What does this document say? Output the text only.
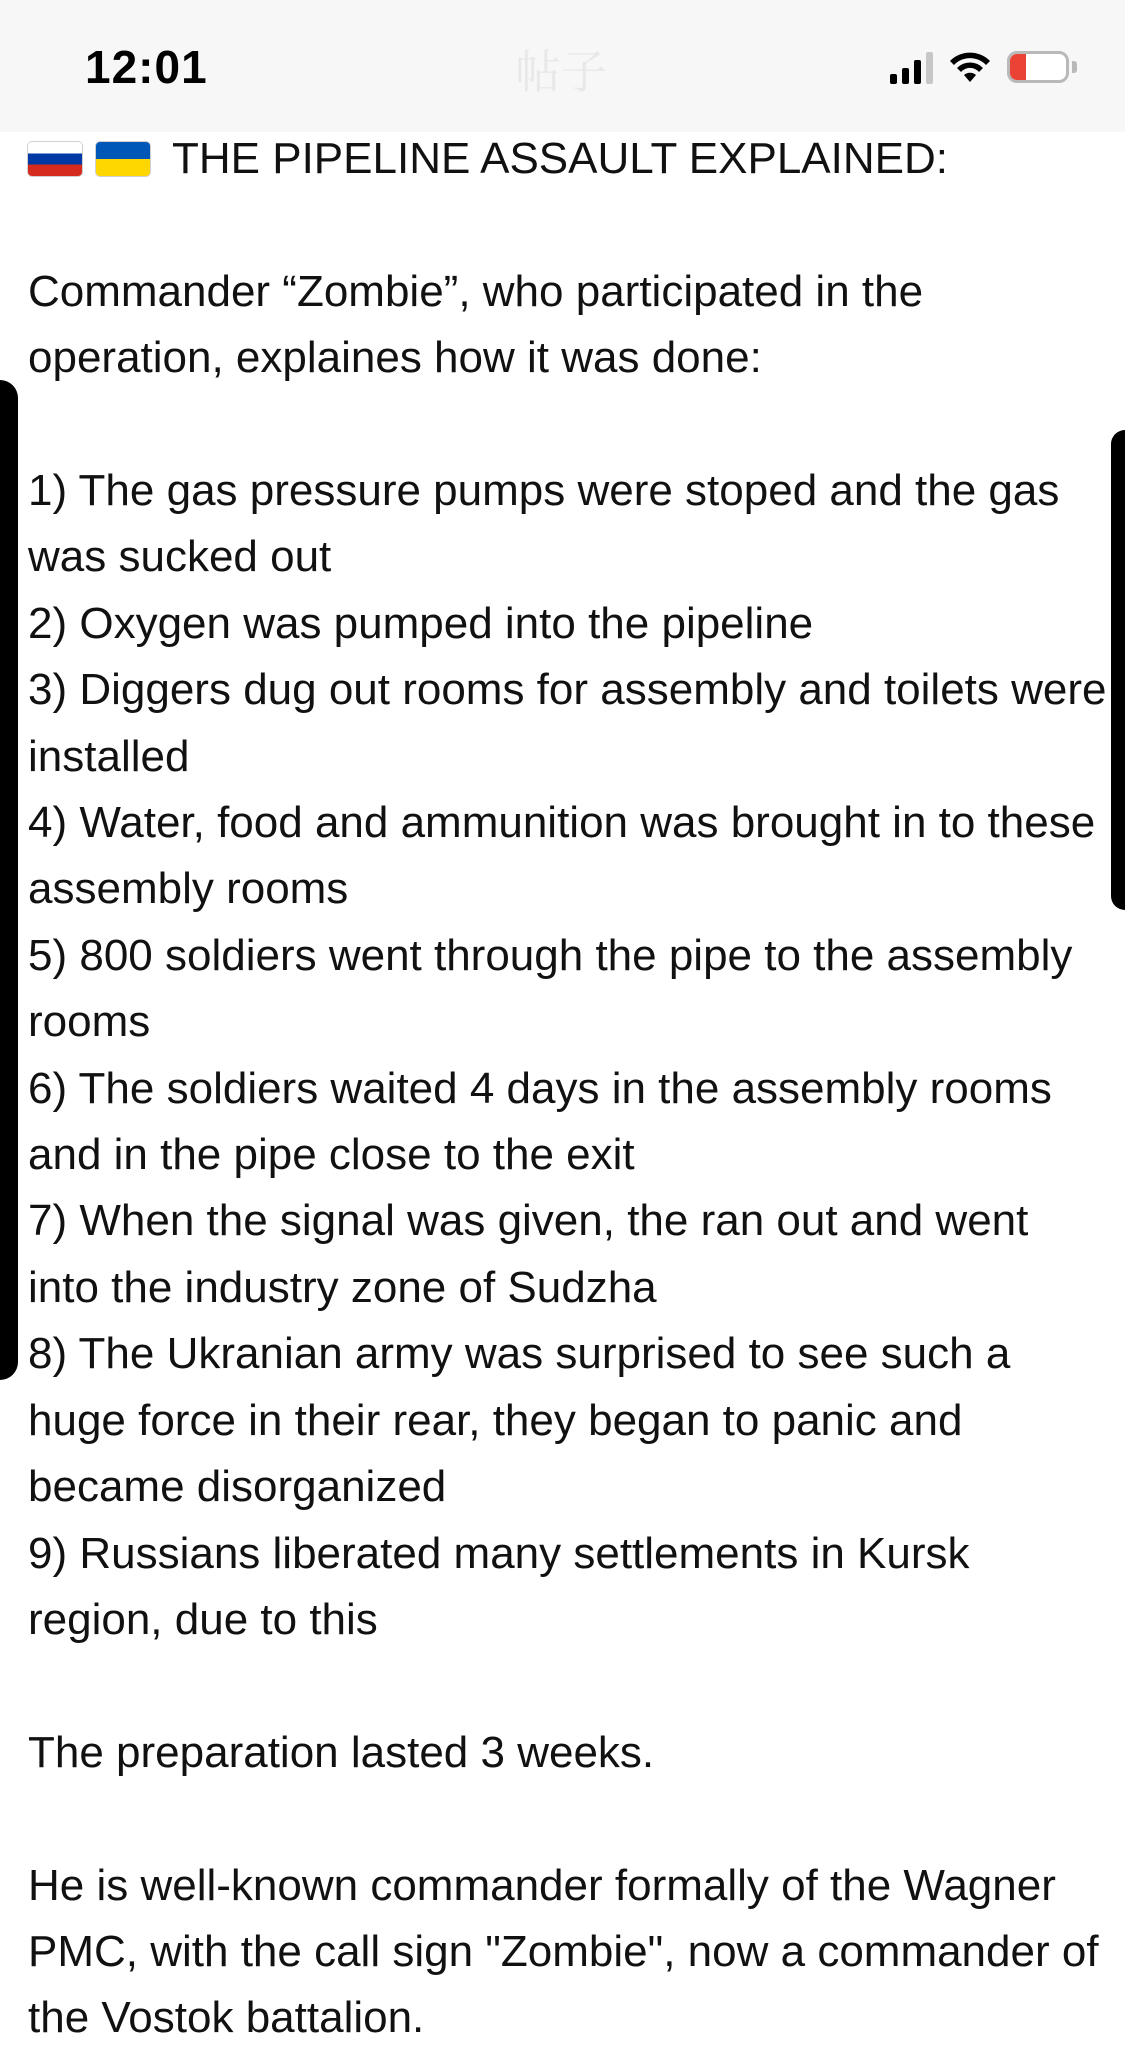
12:01	帖子	17
THE PIPELINE ASSAULT EXPLAINED:

Commander “Zombie”, who participated in the operation, explaines how it was done:

1) The gas pressure pumps were stoped and the gas was sucked out

2) Oxygen was pumped into the pipeline

3) Diggers dug out rooms for assembly and toilets were installed

4) Water, food and ammunition was brought in to these assembly rooms

5) 800 soldiers went through the pipe to the assembly rooms

6) The soldiers waited 4 days in the assembly rooms and in the pipe close to the exit

7) When the signal was given, the ran out and went into the industry zone of Sudzha

8) The Ukranian army was surprised to see such a huge force in their rear, they began to panic and became disorganized

9) Russians liberated many settlements in Kursk region, due to this

The preparation lasted 3 weeks.

He is well-known commander formally of the Wagner PMC, with the call sign "Zombie", now a commander of the Vostok battalion.
